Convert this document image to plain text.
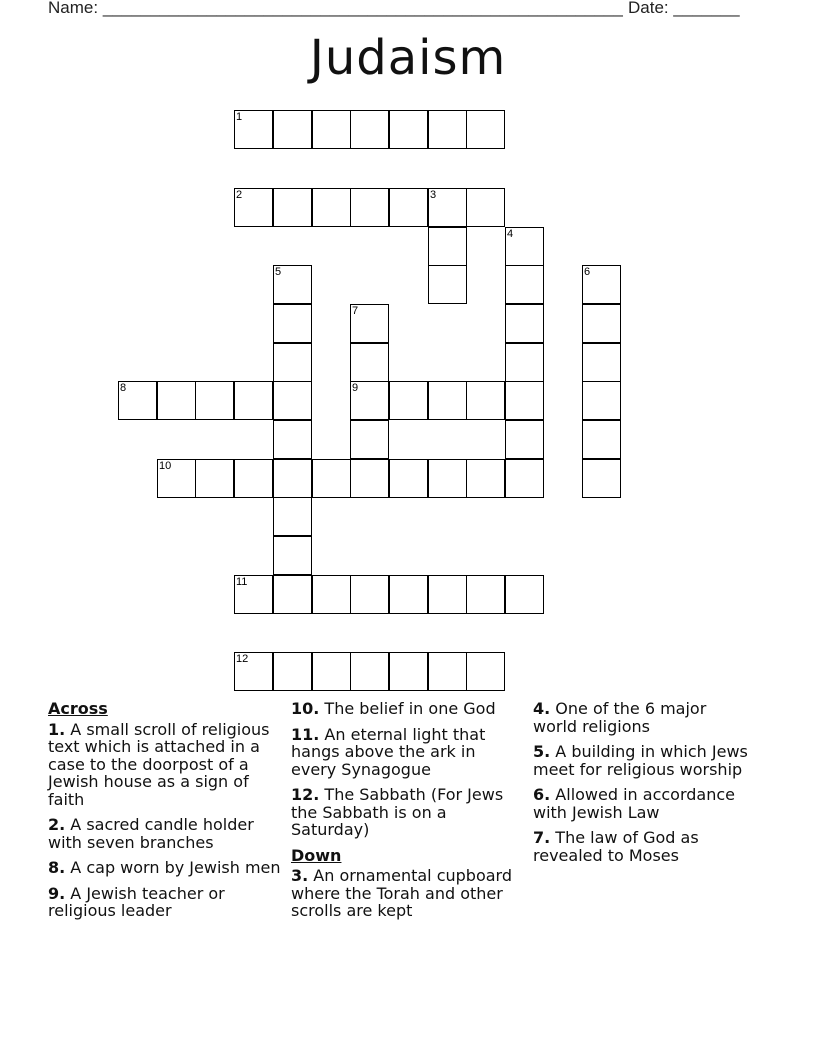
Name: _______________________________________________________ Date: _______
Judaism
1
2	3
4
5	6
7
8	9
10
11
12
Across
1. A small scroll of religious text which is attached in a case to the doorpost of a Jewish house as a sign of faith
2. A sacred candle holder with seven branches
8. A cap worn by Jewish men
9. A Jewish teacher or religious leader
10. The belief in one God
11. An eternal light that hangs above the ark in every Synagogue
12. The Sabbath (For Jews the Sabbath is on a Saturday)
Down
3. An ornamental cupboard where the Torah and other scrolls are kept
4. One of the 6 major world religions
5. A building in which Jews meet for religious worship
6. Allowed in accordance with Jewish Law
7. The law of God as revealed to Moses
